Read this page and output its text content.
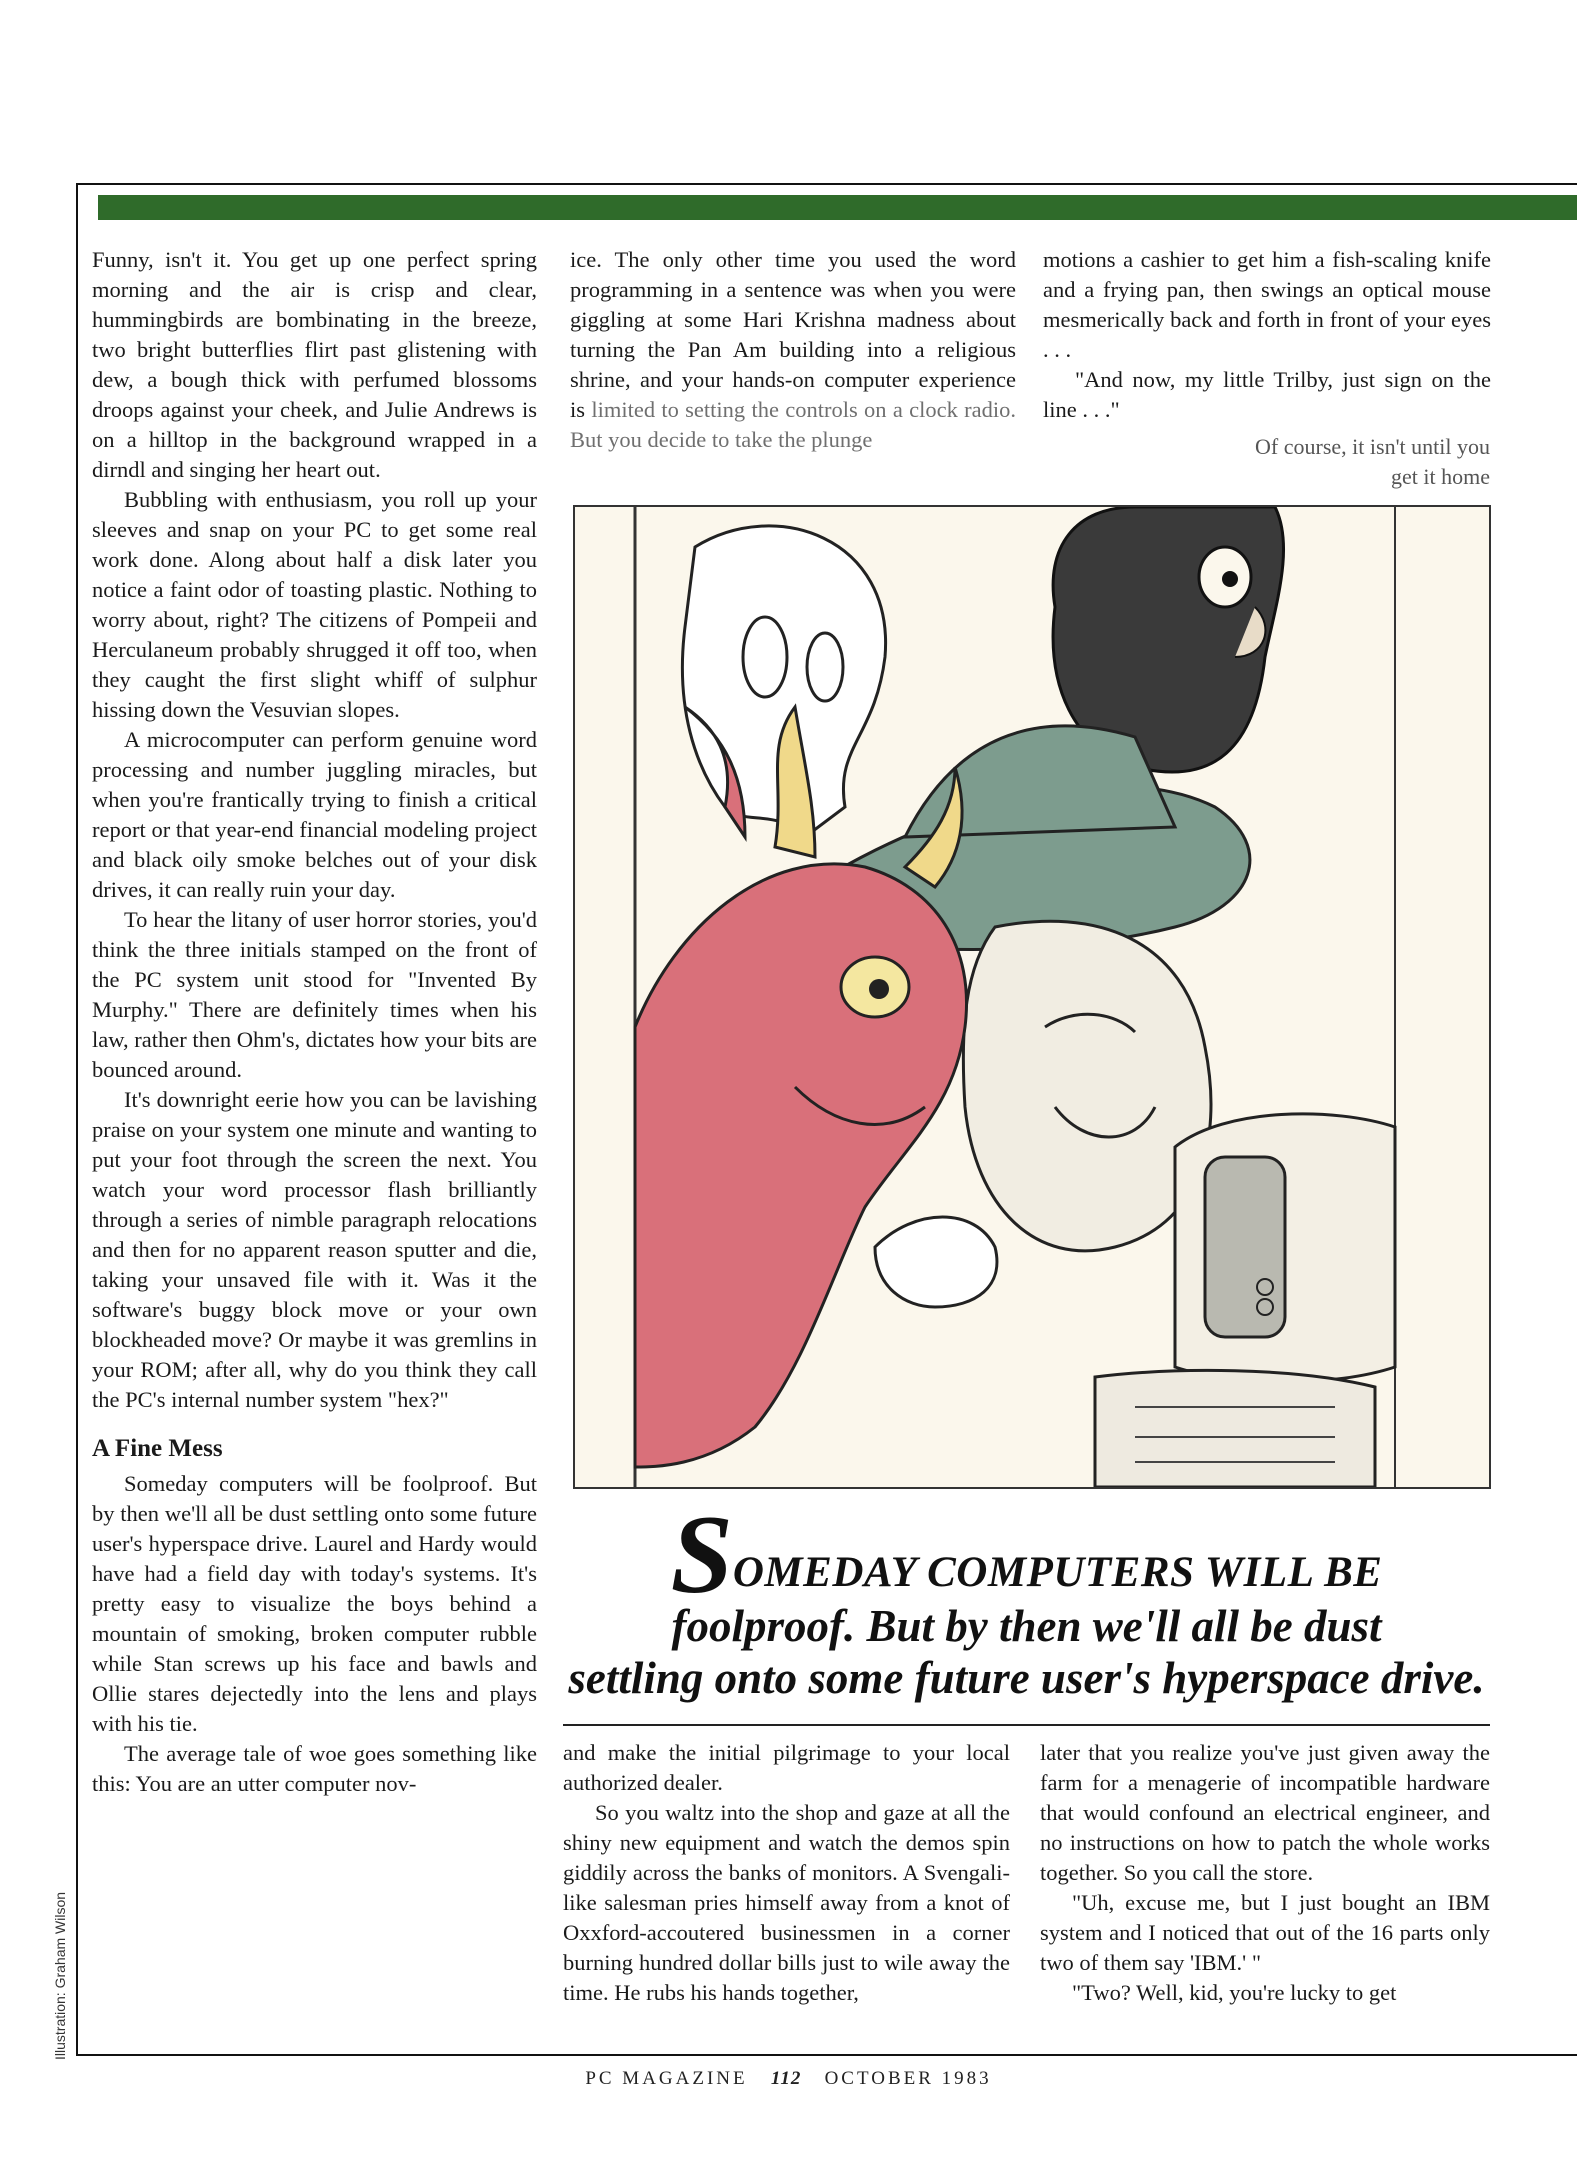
Funny, isn't it. You get up one perfect spring morning and the air is crisp and clear, hummingbirds are bombinating in the breeze, two bright butterflies flirt past glistening with dew, a bough thick with perfumed blossoms droops against your cheek, and Julie Andrews is on a hilltop in the background wrapped in a dirndl and singing her heart out.

Bubbling with enthusiasm, you roll up your sleeves and snap on your PC to get some real work done. Along about half a disk later you notice a faint odor of toasting plastic. Nothing to worry about, right? The citizens of Pompeii and Herculaneum probably shrugged it off too, when they caught the first slight whiff of sulphur hissing down the Vesuvian slopes.

A microcomputer can perform genuine word processing and number juggling miracles, but when you're frantically trying to finish a critical report or that year-end financial modeling project and black oily smoke belches out of your disk drives, it can really ruin your day.

To hear the litany of user horror stories, you'd think the three initials stamped on the front of the PC system unit stood for "Invented By Murphy." There are definitely times when his law, rather then Ohm's, dictates how your bits are bounced around.

It's downright eerie how you can be lavishing praise on your system one minute and wanting to put your foot through the screen the next. You watch your word processor flash brilliantly through a series of nimble paragraph relocations and then for no apparent reason sputter and die, taking your unsaved file with it. Was it the software's buggy block move or your own blockheaded move? Or maybe it was gremlins in your ROM; after all, why do you think they call the PC's internal number system "hex?"

A Fine Mess

Someday computers will be foolproof. But by then we'll all be dust settling onto some future user's hyperspace drive. Laurel and Hardy would have had a field day with today's systems. It's pretty easy to visualize the boys behind a mountain of smoking, broken computer rubble while Stan screws up his face and bawls and Ollie stares dejectedly into the lens and plays with his tie.

The average tale of woe goes something like this: You are an utter computer nov-

ice. The only other time you used the word programming in a sentence was when you were giggling at some Hari Krishna madness about turning the Pan Am building into a religious shrine, and your hands-on computer experience is limited to setting the controls on a clock radio. But you decide to take the plunge

motions a cashier to get him a fish-scaling knife and a frying pan, then swings an optical mouse mesmerically back and forth in front of your eyes . . .

"And now, my little Trilby, just sign on the line . . ."

Of course, it isn't until you get it home
SOMEDAY COMPUTERS WILL BE
foolproof. But by then we'll all be dust
settling onto some future user's hyperspace drive.

and make the initial pilgrimage to your local authorized dealer.

So you waltz into the shop and gaze at all the shiny new equipment and watch the demos spin giddily across the banks of monitors. A Svengali-like salesman pries himself away from a knot of Oxxford-accoutered businessmen in a corner burning hundred dollar bills just to wile away the time. He rubs his hands together,

later that you realize you've just given away the farm for a menagerie of incompatible hardware that would confound an electrical engineer, and no instructions on how to patch the whole works together. So you call the store.

"Uh, excuse me, but I just bought an IBM system and I noticed that out of the 16 parts only two of them say 'IBM.' "

"Two? Well, kid, you're lucky to get

Illustration: Graham Wilson
PC MAGAZINE 112 OCTOBER 1983
